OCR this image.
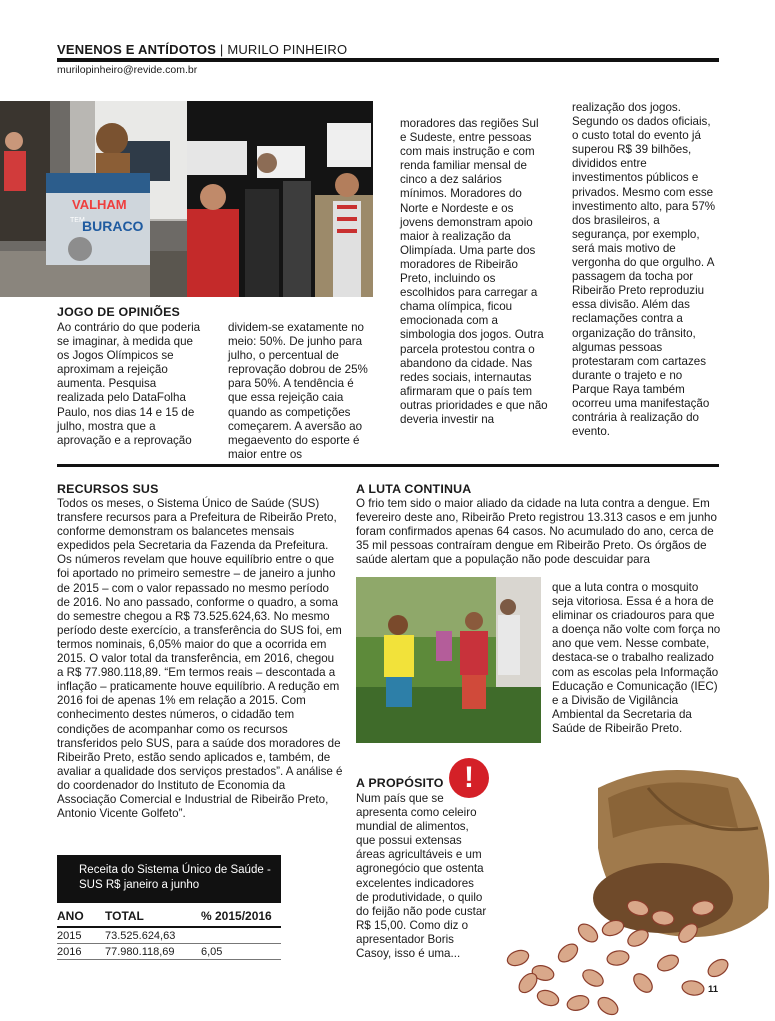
VENENOS E ANTÍDOTOS | MURILO PINHEIRO
murilopinheiro@revide.com.br
VALHAM
TEM
BURACO
JOGO DE OPINIÕES

Ao contrário do que poderia se imaginar, à medida que os Jogos Olímpicos se aproximam a rejeição aumenta. Pesquisa realizada pelo DataFolha Paulo, nos dias 14 e 15 de julho, mostra que a aprovação e a reprovação

dividem-se exatamente no meio: 50%. De junho para julho, o percentual de reprovação dobrou de 25% para 50%. A tendência é que essa rejeição caia quando as competições começarem. A aversão ao megaevento do esporte é maior entre os

moradores das regiões Sul e Sudeste, entre pessoas com mais instrução e com renda familiar mensal de cinco a dez salários mínimos. Moradores do Norte e Nordeste e os jovens demonstram apoio maior à realização da Olimpíada. Uma parte dos moradores de Ribeirão Preto, incluindo os escolhidos para carregar a chama olímpica, ficou emocionada com a simbologia dos jogos. Outra parcela protestou contra o abandono da cidade. Nas redes sociais, internautas afirmaram que o país tem outras prioridades e que não deveria investir na

realização dos jogos. Segundo os dados oficiais, o custo total do evento já superou R$ 39 bilhões, divididos entre investimentos públicos e privados. Mesmo com esse investimento alto, para 57% dos brasileiros, a segurança, por exemplo, será mais motivo de vergonha do que orgulho. A passagem da tocha por Ribeirão Preto reproduziu essa divisão. Além das reclamações contra a organização do trânsito, algumas pessoas protestaram com cartazes durante o trajeto e no Parque Raya também ocorreu uma manifestação contrária à realização do evento.

RECURSOS SUS

Todos os meses, o Sistema Único de Saúde (SUS) transfere recursos para a Prefeitura de Ribeirão Preto, conforme demonstram os balancetes mensais expedidos pela Secretaria da Fazenda da Prefeitura. Os números revelam que houve equilíbrio entre o que foi aportado no primeiro semestre – de janeiro a junho de 2015 – com o valor repassado no mesmo período de 2016. No ano passado, conforme o quadro, a soma do semestre chegou a R$ 73.525.624,63. No mesmo período deste exercício, a transferência do SUS foi, em termos nominais, 6,05% maior do que a ocorrida em 2015. O valor total da transferência, em 2016, chegou a R$ 77.980.118,89. “Em termos reais – descontada a inflação – praticamente houve equilíbrio. A redução em 2016 foi de apenas 1% em relação a 2015. Com conhecimento destes números, o cidadão tem condições de acompanhar como os recursos transferidos pelo SUS, para a saúde dos moradores de Ribeirão Preto, estão sendo aplicados e, também, de avaliar a qualidade dos serviços prestados”. A análise é do coordenador do Instituto de Economia da Associação Comercial e Industrial de Ribeirão Preto, Antonio Vicente Golfeto”.

Receita do Sistema Único de Saúde - SUS R$ janeiro a junho
ANO	TOTAL	% 2015/2016
2015	73.525.624,63	
2016	77.980.118,69	6,05
A LUTA CONTINUA

O frio tem sido o maior aliado da cidade na luta contra a dengue. Em fevereiro deste ano, Ribeirão Preto registrou 13.313 casos e em junho foram confirmados apenas 64 casos. No acumulado do ano, cerca de 35 mil pessoas contraíram dengue em Ribeirão Preto. Os órgãos de saúde alertam que a população não pode descuidar para

que a luta contra o mosquito seja vitoriosa. Essa é a hora de eliminar os criadouros para que a doença não volte com força no ano que vem. Nesse combate, destaca-se o trabalho realizado com as escolas pela Informação Educação e Comunicação (IEC) e a Divisão de Vigilância Ambiental da Secretaria da Saúde de Ribeirão Preto.

A PROPÓSITO !

Num país que se apresenta como celeiro mundial de alimentos, que possui extensas áreas agricultáveis e um agronegócio que ostenta excelentes indicadores de produtividade, o quilo do feijão não pode custar R$ 15,00. Como diz o apresentador Boris Casoy, isso é uma...

11
